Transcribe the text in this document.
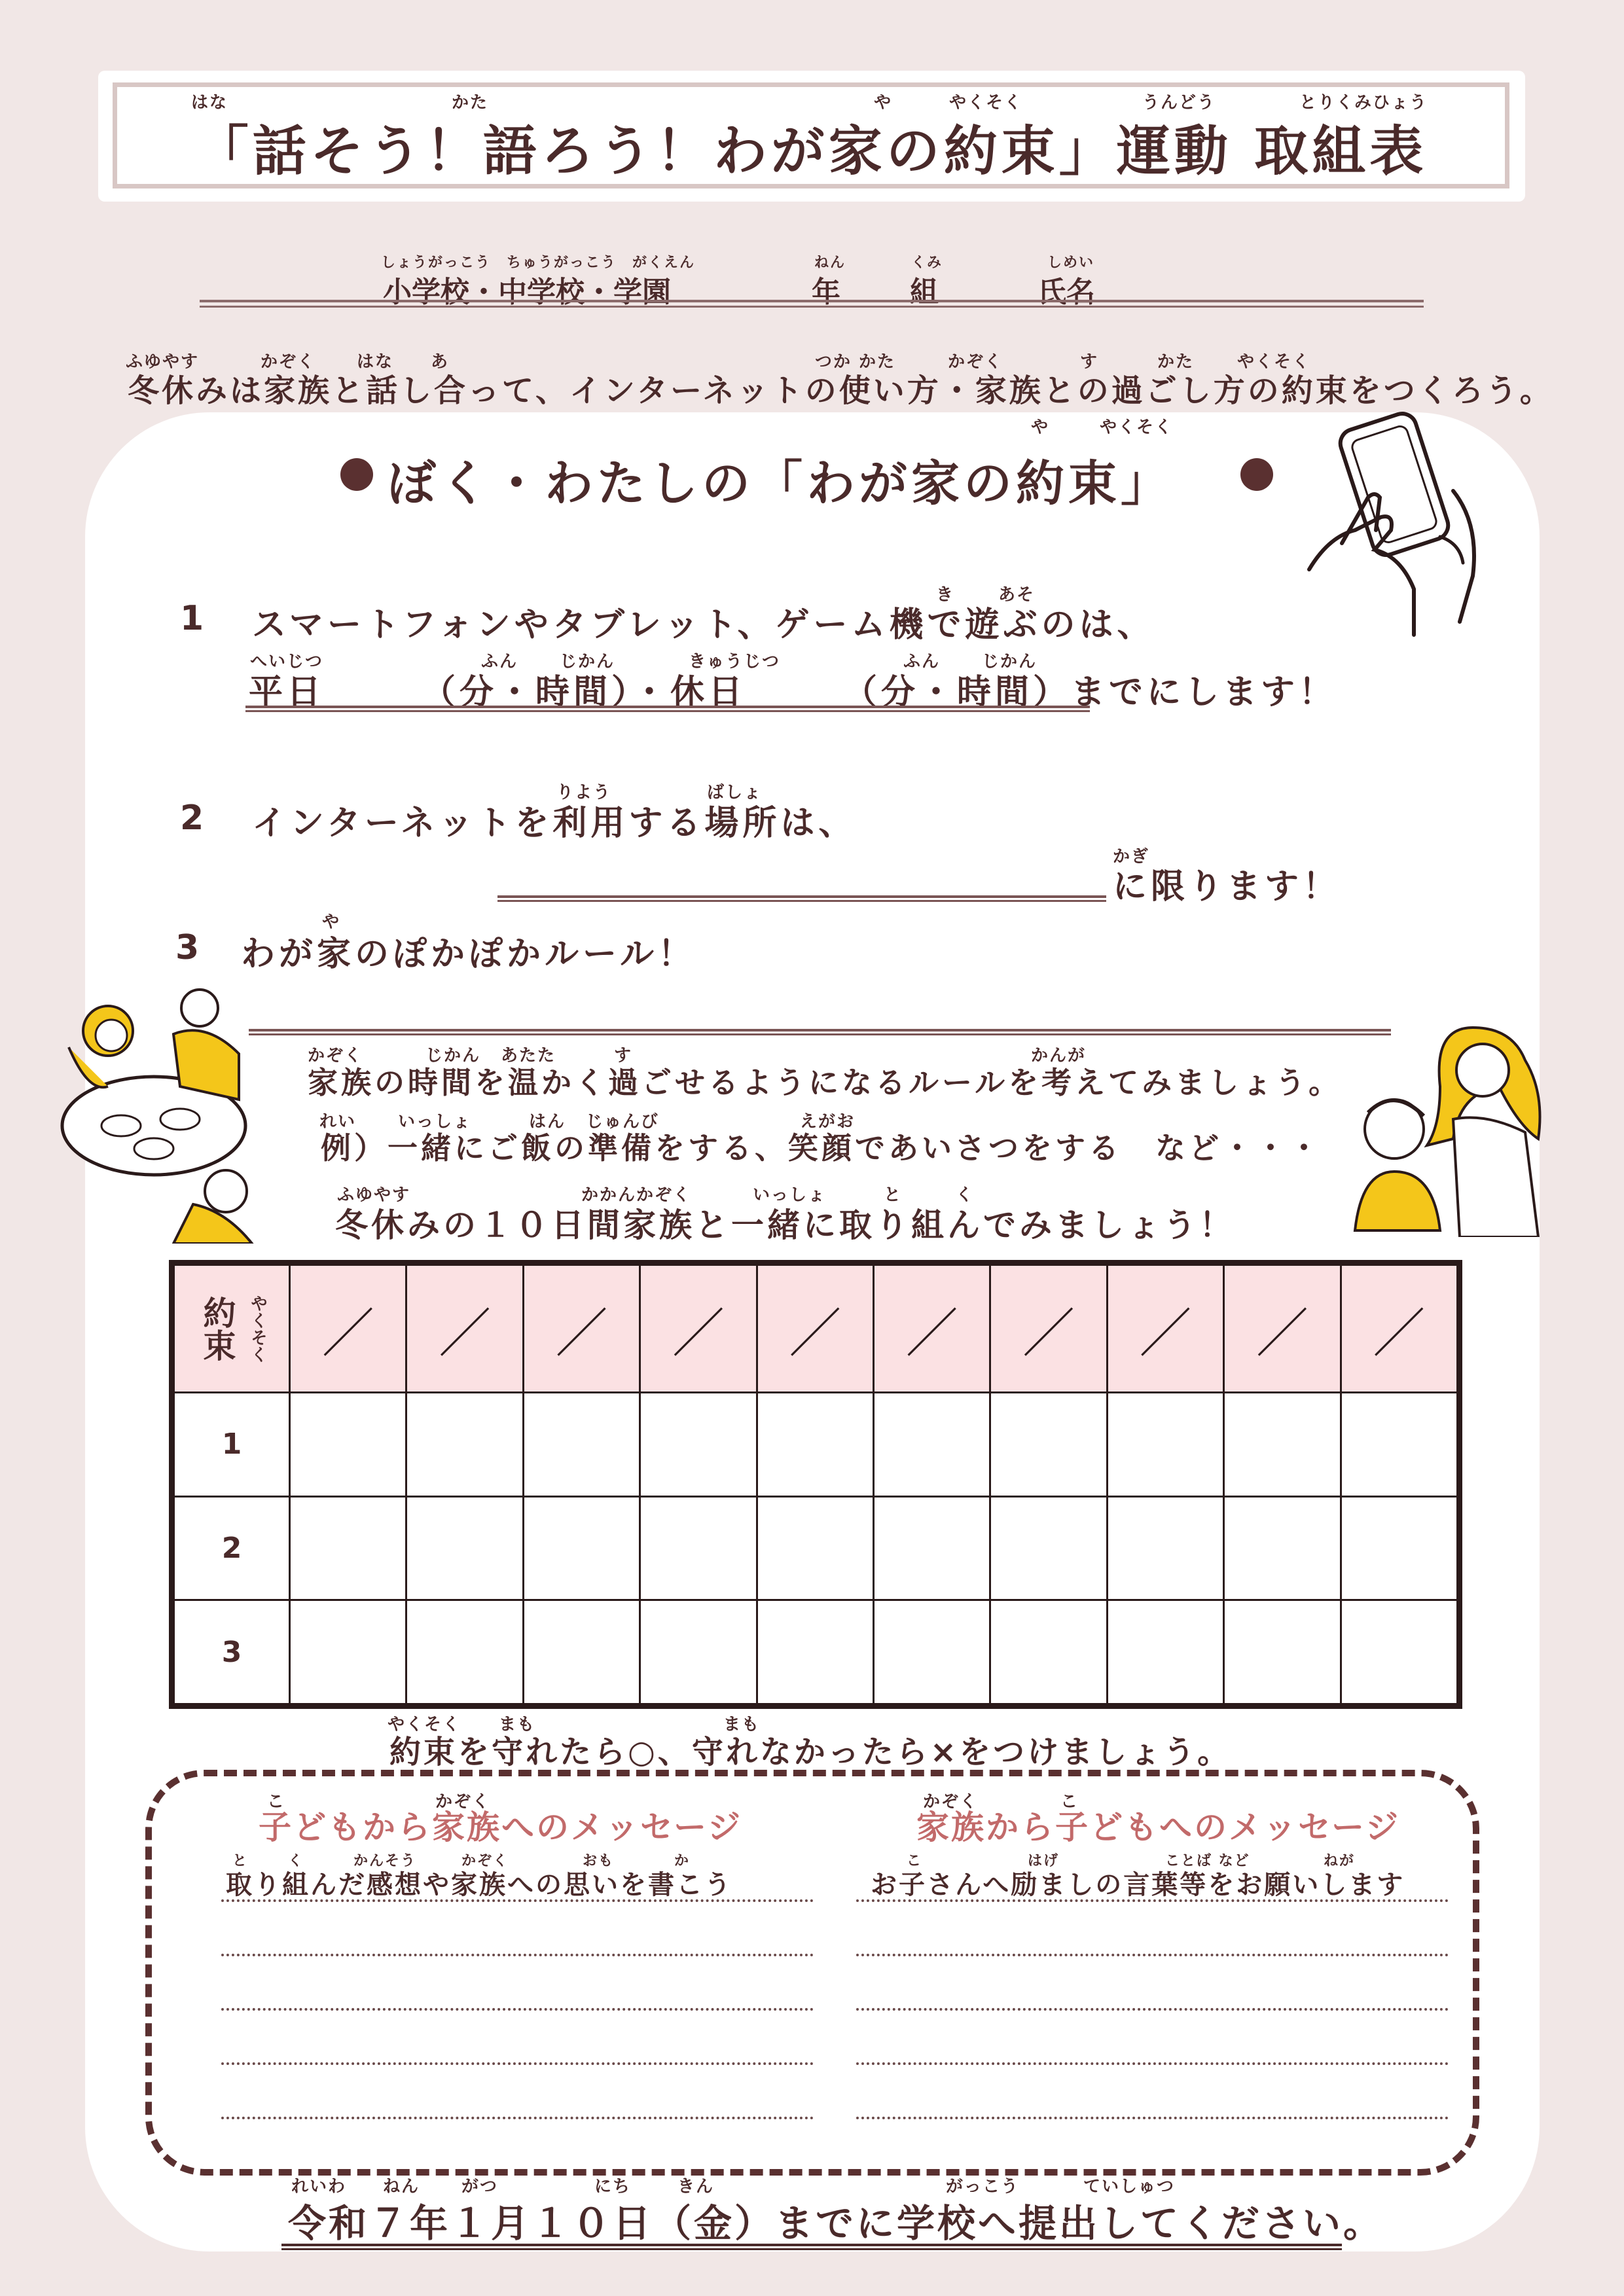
はな	かた	や	やくそく	うんどう	とりくみひょう
「話そう！語ろう！わが家の約束」運動 取組表
しょうがっこう　ちゅうがっこう　がくえん
小学校・中学校・学園
ねん
年
くみ
組
しめい
氏名
ふゆやす	かぞく はな あ	つか かた	かぞく	す	かた	やくそく
冬休みは家族と話し合って、インターネットの使い方・家族との過ごし方の約束をつくろう。
や	やくそく
ぼく・わたしの「わが家の約束」
1
き	あそ
スマートフォンやタブレット、ゲーム機で遊ぶのは、
へいじつ	ふん じかん	きゅうじつ	ふん じかん
平日　　　（分・時間）・休日　　　（分・時間）までにします！
2
りよう	ばしょ
インターネットを利用する場所は、
かぎ
に限ります！
3
や
わが家のぽかぽかルール！
かぞく	じかん あたた	す	かんが
家族の時間を温かく過ごせるようになるルールを考えてみましょう。
れい いっしょ	はん じゅんび	えがお
例）一緒にご飯の準備をする、笑顔であいさつをする　など・・・
ふゆやす	かかんかぞく	いっしょ	と	く
冬休みの１０日間家族と一緒に取り組んでみましょう！
約束 やくそく	／	／	／	／	／	／	／	／	／	／
1										
2										
3										
やくそく まも	まも
約束を守れたら○、守れなかったら×をつけましょう。
こ	かぞく
子どもから家族へのメッセージ
と	く	かんそう	かぞく	おも	か
取り組んだ感想や家族への思いを書こう
かぞく	こ
家族から子どもへのメッセージ
こ	はげ	ことば など	ねが
お子さんへ励ましの言葉等をお願いします
れいわ ねん がつ	にち	きん	がっこう	ていしゅつ
令和７年１月１０日（金）までに学校へ提出してください。
